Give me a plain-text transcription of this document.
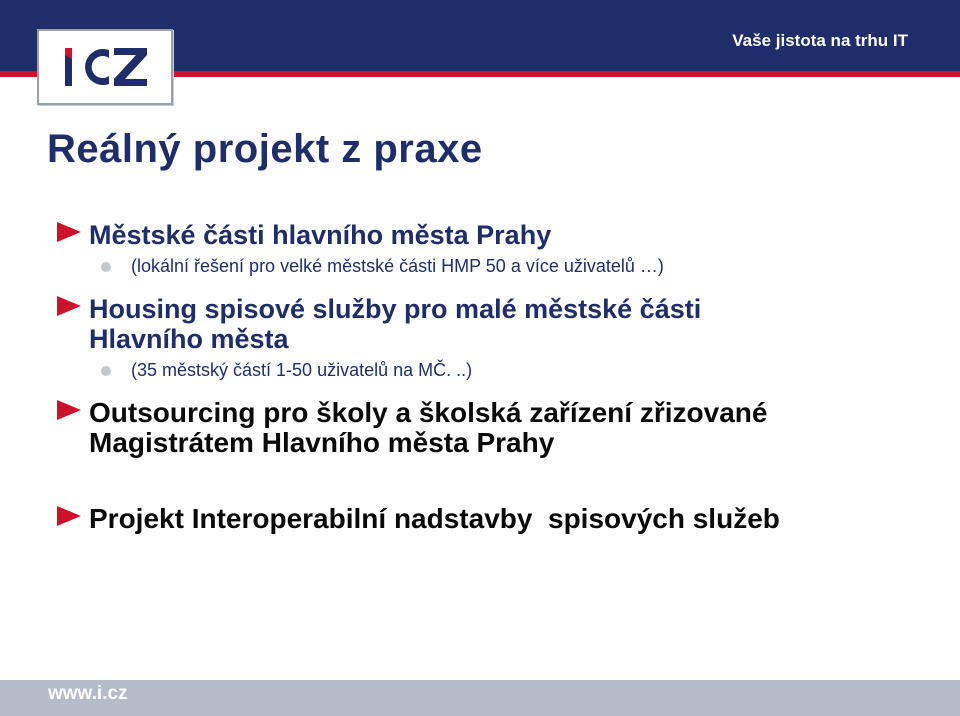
Vaše jistota na trhu IT
Reálný projekt z praxe
Městské části hlavního města Prahy
(lokální řešení pro velké městské části HMP 50 a více uživatelů …)
Housing spisové služby pro malé městské části
Hlavního města
(35 městský částí 1-50 uživatelů na MČ. ..)
Outsourcing pro školy a školská zařízení zřizované
Magistrátem Hlavního města Prahy
Projekt Interoperabilní nadstavby  spisových služeb
www.i.cz
